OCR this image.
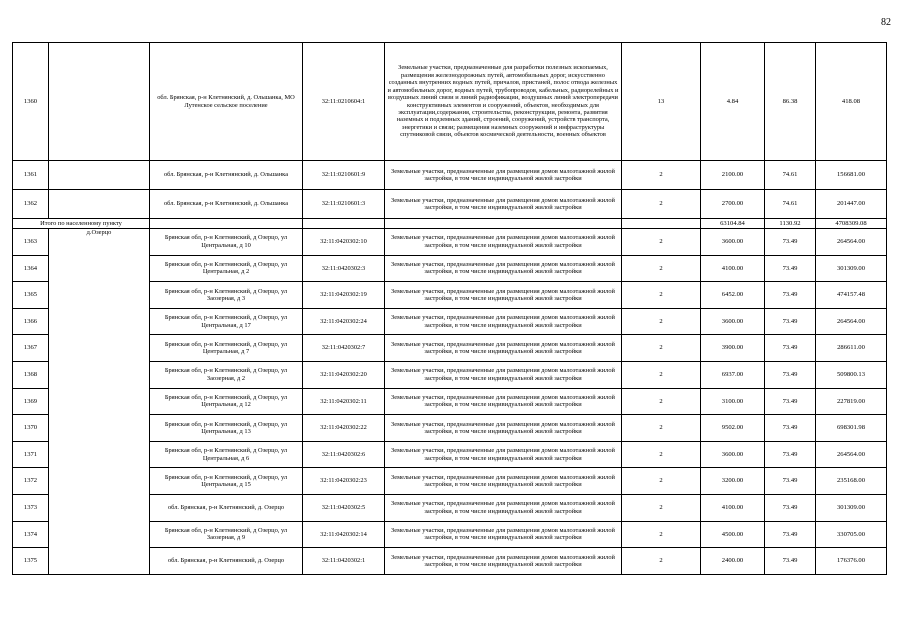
82
1360		обл. Брянская, р-н Клетнянский, д. Ольшанка, МО Лутенское сельское поселение	32:11:0210604:1	Земельные участки, предназначенные для разработки полезных ископаемых, размещения железнодорожных путей, автомобильных дорог, искусственно созданных внутренних водных путей, причалов, пристаней, полос отвода железных и автомобильных дорог, водных путей, трубопроводов, кабельных, радиорелейных и воздушных линий связи и линий радиофикации, воздушных линий электропередачи конструктивных элементов и сооружений, объектов, необходимых для эксплуатации,содержания, строительства, реконструкции, ремонта, развития наземных и подземных зданий, строений, сооружений, устройств транспорта, энергетики и связи; размещения наземных сооружений и инфраструктуры спутниковой связи, объектов космической деятельности, военных объектов	13	4.84	86.38	418.08
1361		обл. Брянская, р-н Клетнянский, д. Ольшанка	32:11:0210601:9	Земельные участки, предназначенные для размещения домов малоэтажной жилой застройки, в том числе индивидуальной жилой застройки	2	2100.00	74.61	156681.00
1362		обл. Брянская, р-н Клетнянский, д. Ольшанка	32:11:0210601:3	Земельные участки, предназначенные для размещения домов малоэтажной жилой застройки, в том числе индивидуальной жилой застройки	2	2700.00	74.61	201447.00
Итого по населенному пункту						63104.84	1130.92	4708309.08
1363	д.Озерцо	Брянская обл, р-н Клетнянский, д Озерцо, ул Центральная, д 10	32:11:0420302:10	Земельные участки, предназначенные для размещения домов малоэтажной жилой застройки, в том числе индивидуальной жилой застройки	2	3600.00	73.49	264564.00
1364		Брянская обл, р-н Клетнянский, д Озерцо, ул Центральная, д 2	32:11:0420302:3	Земельные участки, предназначенные для размещения домов малоэтажной жилой застройки, в том числе индивидуальной жилой застройки	2	4100.00	73.49	301309.00
1365		Брянская обл, р-н Клетнянский, д Озерцо, ул Заозерная, д 3	32:11:0420302:19	Земельные участки, предназначенные для размещения домов малоэтажной жилой застройки, в том числе индивидуальной жилой застройки	2	6452.00	73.49	474157.48
1366		Брянская обл, р-н Клетнянский, д Озерцо, ул Центральная, д 17	32:11:0420302:24	Земельные участки, предназначенные для размещения домов малоэтажной жилой застройки, в том числе индивидуальной жилой застройки	2	3600.00	73.49	264564.00
1367		Брянская обл, р-н Клетнянский, д Озерцо, ул Центральная, д 7	32:11:0420302:7	Земельные участки, предназначенные для размещения домов малоэтажной жилой застройки, в том числе индивидуальной жилой застройки	2	3900.00	73.49	286611.00
1368		Брянская обл, р-н Клетнянский, д Озерцо, ул Заозерная, д 2	32:11:0420302:20	Земельные участки, предназначенные для размещения домов малоэтажной жилой застройки, в том числе индивидуальной жилой застройки	2	6937.00	73.49	509800.13
1369		Брянская обл, р-н Клетнянский, д Озерцо, ул Центральная, д 12	32:11:0420302:11	Земельные участки, предназначенные для размещения домов малоэтажной жилой застройки, в том числе индивидуальной жилой застройки	2	3100.00	73.49	227819.00
1370		Брянская обл, р-н Клетнянский, д Озерцо, ул Центральная, д 13	32:11:0420302:22	Земельные участки, предназначенные для размещения домов малоэтажной жилой застройки, в том числе индивидуальной жилой застройки	2	9502.00	73.49	698301.98
1371		Брянская обл, р-н Клетнянский, д Озерцо, ул Центральная, д 6	32:11:0420302:6	Земельные участки, предназначенные для размещения домов малоэтажной жилой застройки, в том числе индивидуальной жилой застройки	2	3600.00	73.49	264564.00
1372		Брянская обл, р-н Клетнянский, д Озерцо, ул Центральная, д 15	32:11:0420302:23	Земельные участки, предназначенные для размещения домов малоэтажной жилой застройки, в том числе индивидуальной жилой застройки	2	3200.00	73.49	235168.00
1373		обл. Брянская, р-н Клетнянский, д. Озерцо	32:11:0420302:5	Земельные участки, предназначенные для размещения домов малоэтажной жилой застройки, в том числе индивидуальной жилой застройки	2	4100.00	73.49	301309.00
1374		Брянская обл, р-н Клетнянский, д Озерцо, ул Заозерная, д 9	32:11:0420302:14	Земельные участки, предназначенные для размещения домов малоэтажной жилой застройки, в том числе индивидуальной жилой застройки	2	4500.00	73.49	330705.00
1375		обл. Брянская, р-н Клетнянский, д. Озерцо	32:11:0420302:1	Земельные участки, предназначенные для размещения домов малоэтажной жилой застройки, в том числе индивидуальной жилой застройки	2	2400.00	73.49	176376.00
